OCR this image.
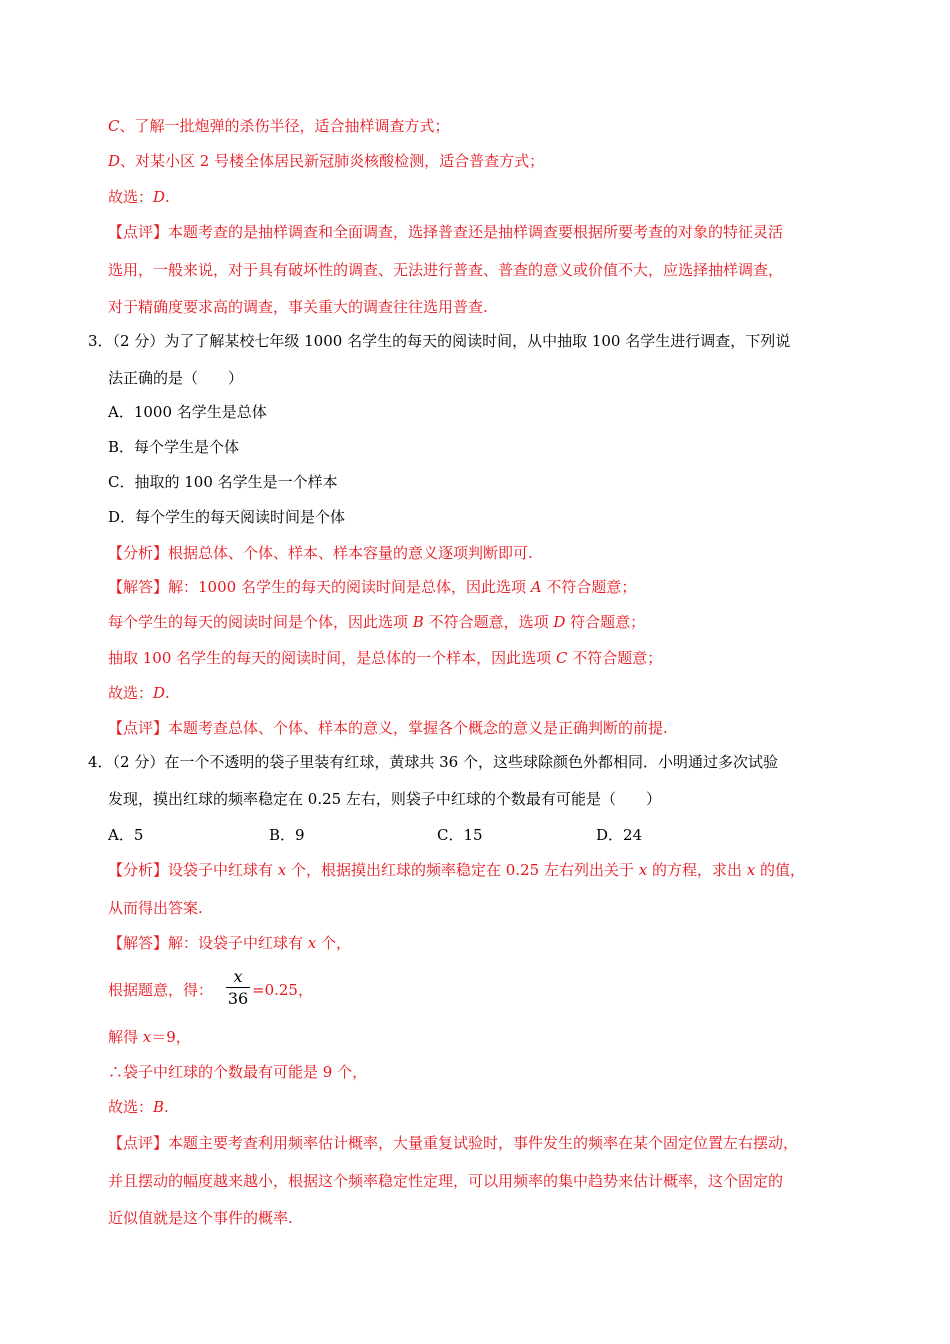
C、了解一批炮弹的杀伤半径，适合抽样调查方式；
D、对某小区 2 号楼全体居民新冠肺炎核酸检测，适合普查方式；
故选：D.
【点评】本题考查的是抽样调查和全面调查，选择普查还是抽样调查要根据所要考查的对象的特征灵活
选用，一般来说，对于具有破坏性的调查、无法进行普查、普查的意义或价值不大，应选择抽样调查，
对于精确度要求高的调查，事关重大的调查往往选用普查.
3．（2 分）为了了解某校七年级 1000 名学生的每天的阅读时间，从中抽取 100 名学生进行调查，下列说
法正确的是（　　）
A．1000 名学生是总体
B．每个学生是个体
C．抽取的 100 名学生是一个样本
D．每个学生的每天阅读时间是个体
【分析】根据总体、个体、样本、样本容量的意义逐项判断即可.
【解答】解：1000 名学生的每天的阅读时间是总体，因此选项 A 不符合题意；
每个学生的每天的阅读时间是个体，因此选项 B 不符合题意，选项 D 符合题意；
抽取 100 名学生的每天的阅读时间，是总体的一个样本，因此选项 C 不符合题意；
故选：D.
【点评】本题考查总体、个体、样本的意义，掌握各个概念的意义是正确判断的前提.
4．（2 分）在一个不透明的袋子里装有红球，黄球共 36 个，这些球除颜色外都相同．小明通过多次试验
发现，摸出红球的频率稳定在 0.25 左右，则袋子中红球的个数最有可能是（　　）
A．5	B．9	C．15	D．24
【分析】设袋子中红球有 x 个，根据摸出红球的频率稳定在 0.25 左右列出关于 x 的方程，求出 x 的值，
从而得出答案.
【解答】解：设袋子中红球有 x 个，
根据题意，得：
x
36 =0.25，
解得 x＝9，
∴袋子中红球的个数最有可能是 9 个，
故选：B.
【点评】本题主要考查利用频率估计概率，大量重复试验时，事件发生的频率在某个固定位置左右摆动，
并且摆动的幅度越来越小，根据这个频率稳定性定理，可以用频率的集中趋势来估计概率，这个固定的
近似值就是这个事件的概率.
